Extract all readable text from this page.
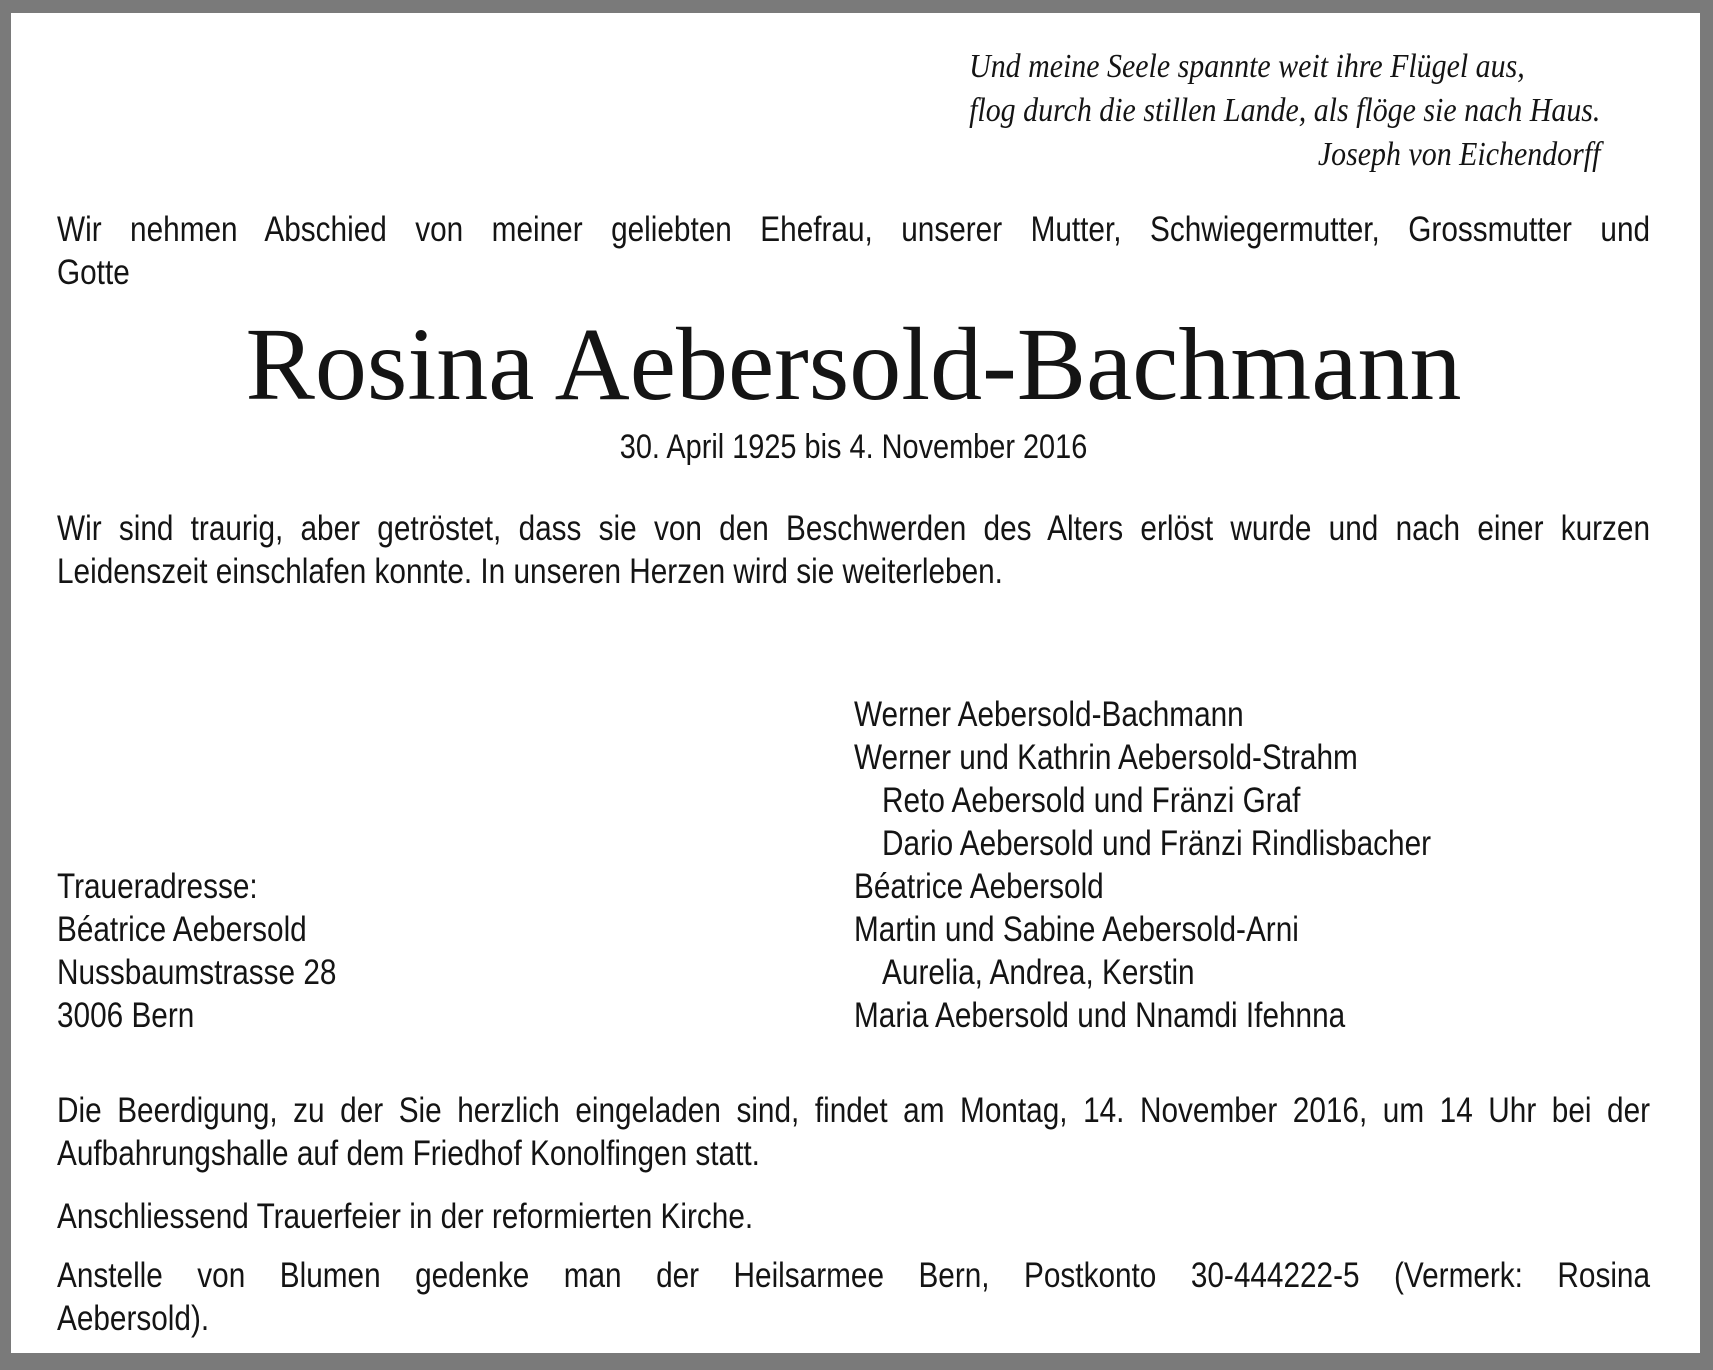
Und meine Seele spannte weit ihre Flügel aus,
flog durch die stillen Lande, als flöge sie nach Haus.
Joseph von Eichendorff
Wir nehmen Abschied von meiner geliebten Ehefrau, unserer Mutter, Schwiegermutter, Grossmutter und
Gotte
Rosina Aebersold-Bachmann
30. April 1925 bis 4. November 2016
Wir sind traurig, aber getröstet, dass sie von den Beschwerden des Alters erlöst wurde und nach einer kurzen Leidenszeit einschlafen konnte. In unseren Herzen wird sie weiterleben.
Traueradresse:
Béatrice Aebersold
Nussbaumstrasse 28
3006 Bern
Werner Aebersold-Bachmann
Werner und Kathrin Aebersold-Strahm
Reto Aebersold und Fränzi Graf
Dario Aebersold und Fränzi Rindlisbacher
Béatrice Aebersold
Martin und Sabine Aebersold-Arni
Aurelia, Andrea, Kerstin
Maria Aebersold und Nnamdi Ifehnna
Die Beerdigung, zu der Sie herzlich eingeladen sind, findet am Montag, 14. November 2016, um 14 Uhr bei der Aufbahrungshalle auf dem Friedhof Konolfingen statt.
Anschliessend Trauerfeier in der reformierten Kirche.
Anstelle von Blumen gedenke man der Heilsarmee Bern, Postkonto 30-444222-5 (Vermerk: Rosina
Aebersold).
